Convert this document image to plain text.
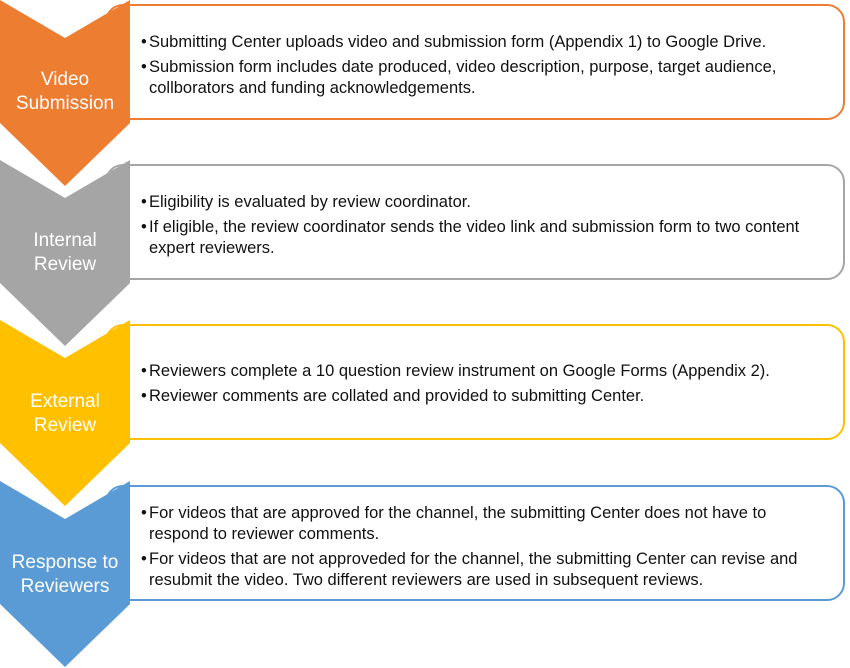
• Submitting Center uploads video and submission form (Appendix 1) to Google Drive.
• Submission form includes date produced, video description, purpose, target audience, collborators and funding acknowledgements.
Video
Submission
• Eligibility is evaluated by review coordinator.
• If eligible, the review coordinator sends the video link and submission form to two content expert reviewers.
Internal
Review
• Reviewers complete a 10 question review instrument on Google Forms (Appendix 2).
• Reviewer comments are collated and provided to submitting Center.
External
Review
• For videos that are approved for the channel, the submitting Center does not have to respond to reviewer comments.
• For videos that are not approveded for the channel, the submitting Center can revise and resubmit the video. Two different reviewers are used in subsequent reviews.
Response to
Reviewers
